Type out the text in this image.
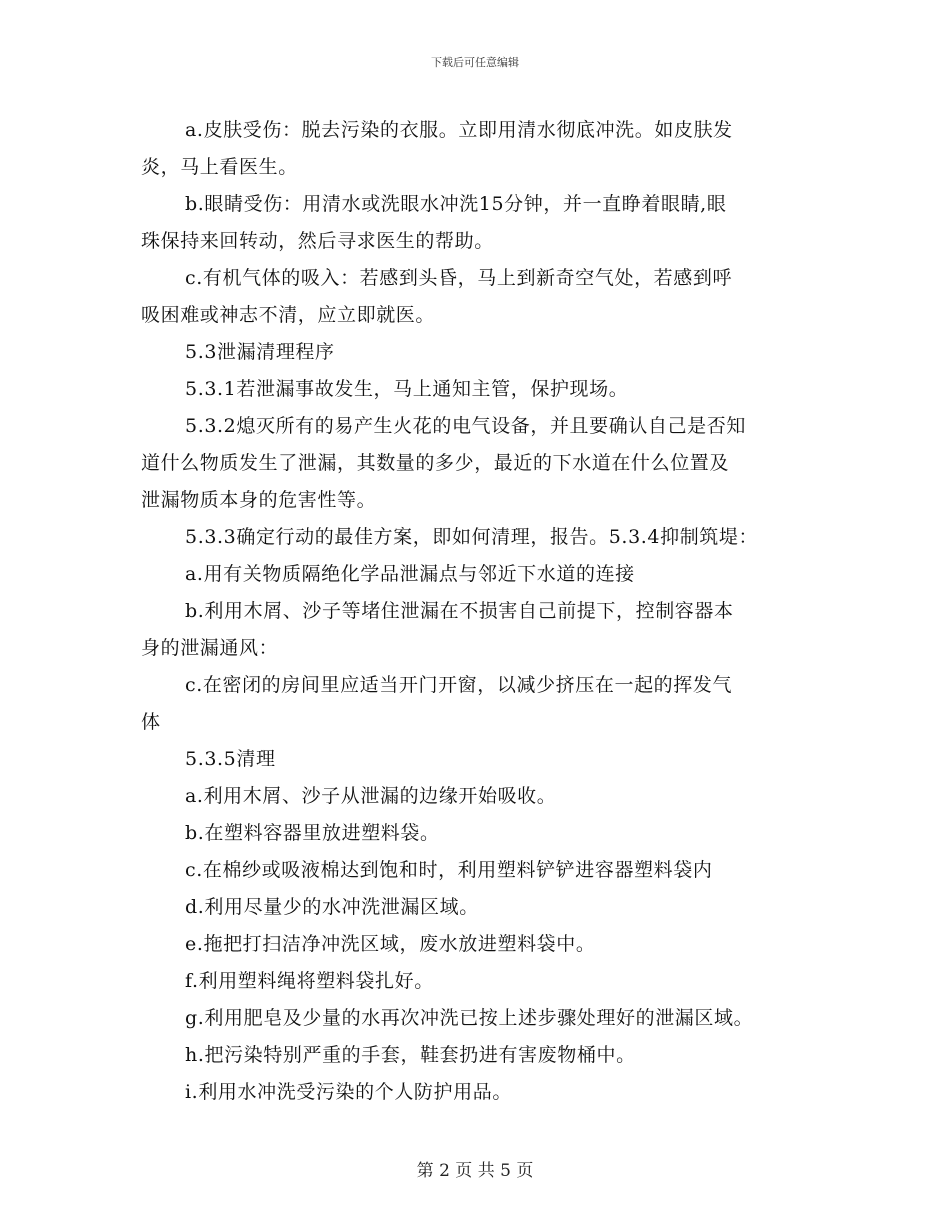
下载后可任意编辑

a.皮肤受伤：脱去污染的衣服。立即用清水彻底冲洗。如皮肤发

炎，马上看医生。

b.眼睛受伤：用清水或洗眼水冲洗15分钟，并一直睁着眼睛,眼

珠保持来回转动，然后寻求医生的帮助。

c.有机气体的吸入：若感到头昏，马上到新奇空气处，若感到呼

吸困难或神志不清，应立即就医。

5.3泄漏清理程序

5.3.1若泄漏事故发生，马上通知主管，保护现场。

5.3.2熄灭所有的易产生火花的电气设备，并且要确认自己是否知

道什么物质发生了泄漏，其数量的多少，最近的下水道在什么位置及

泄漏物质本身的危害性等。

5.3.3确定行动的最佳方案，即如何清理，报告。5.3.4抑制筑堤：

a.用有关物质隔绝化学品泄漏点与邻近下水道的连接

b.利用木屑、沙子等堵住泄漏在不损害自己前提下，控制容器本

身的泄漏通风：

c.在密闭的房间里应适当开门开窗，以减少挤压在一起的挥发气

体

5.3.5清理

a.利用木屑、沙子从泄漏的边缘开始吸收。

b.在塑料容器里放进塑料袋。

c.在棉纱或吸液棉达到饱和时，利用塑料铲铲进容器塑料袋内

d.利用尽量少的水冲洗泄漏区域。

e.拖把打扫洁净冲洗区域，废水放进塑料袋中。

f.利用塑料绳将塑料袋扎好。

g.利用肥皂及少量的水再次冲洗已按上述步骤处理好的泄漏区域。

h.把污染特别严重的手套，鞋套扔进有害废物桶中。

i.利用水冲洗受污染的个人防护用品。

第 2 页 共 5 页
